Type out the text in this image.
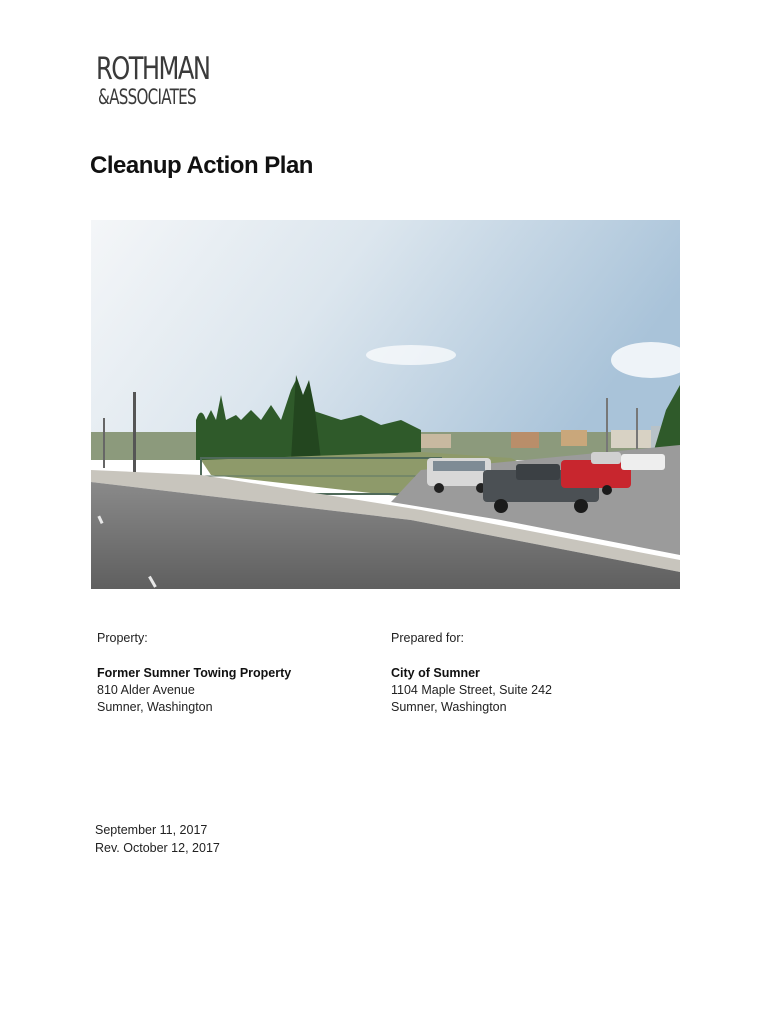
ROTHMAN
&ASSOCIATES
Cleanup Action Plan
Property:
Former Sumner Towing Property
810 Alder Avenue
Sumner, Washington
Prepared for:
City of Sumner
1104 Maple Street, Suite 242
Sumner, Washington
September 11, 2017
Rev. October 12, 2017
